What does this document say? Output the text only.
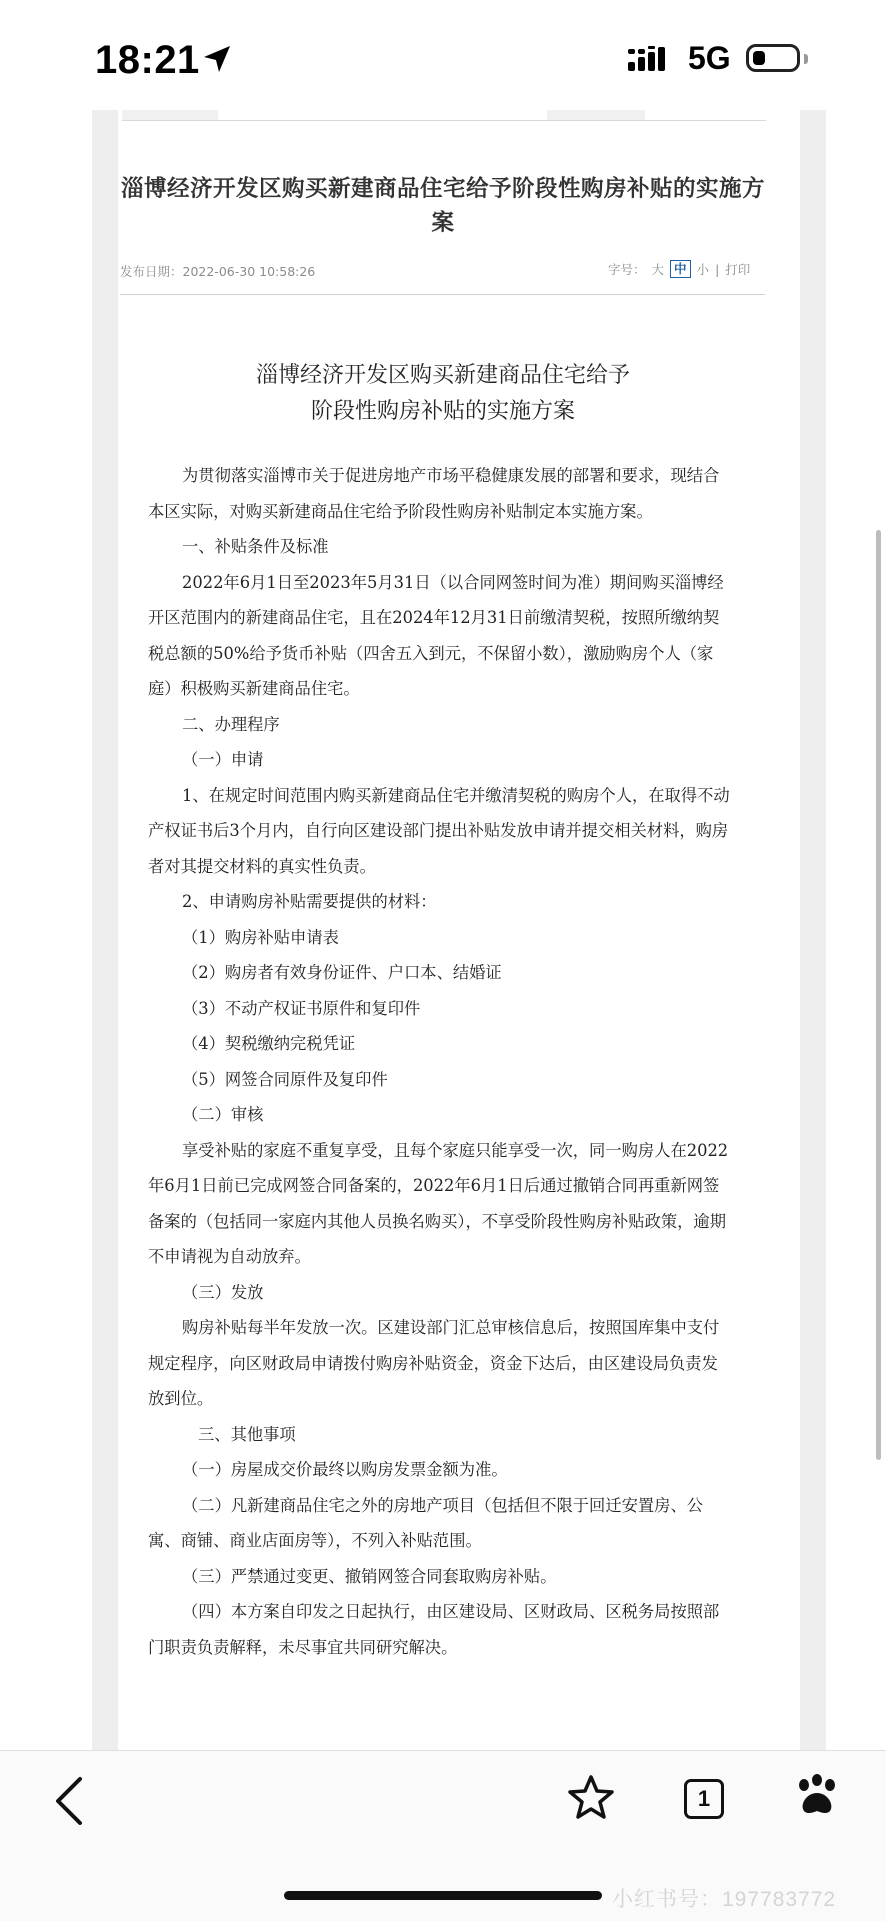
18:21	5G
淄博经济开发区购买新建商品住宅给予阶段性购房补贴的实施方案
发布日期：2022-06-30 10:58:26	字号： 大 中 小 | 打印
淄博经济开发区购买新建商品住宅给予
阶段性购房补贴的实施方案

为贯彻落实淄博市关于促进房地产市场平稳健康发展的部署和要求，现结合本区实际，对购买新建商品住宅给予阶段性购房补贴制定本实施方案。

一、补贴条件及标准

2022年6月1日至2023年5月31日（以合同网签时间为准）期间购买淄博经开区范围内的新建商品住宅，且在2024年12月31日前缴清契税，按照所缴纳契税总额的50%给予货币补贴（四舍五入到元，不保留小数），激励购房个人（家庭）积极购买新建商品住宅。

二、办理程序

（一）申请

1、在规定时间范围内购买新建商品住宅并缴清契税的购房个人，在取得不动产权证书后3个月内，自行向区建设部门提出补贴发放申请并提交相关材料，购房者对其提交材料的真实性负责。

2、申请购房补贴需要提供的材料：

（1）购房补贴申请表

（2）购房者有效身份证件、户口本、结婚证

（3）不动产权证书原件和复印件

（4）契税缴纳完税凭证

（5）网签合同原件及复印件

（二）审核

享受补贴的家庭不重复享受，且每个家庭只能享受一次，同一购房人在2022年6月1日前已完成网签合同备案的，2022年6月1日后通过撤销合同再重新网签备案的（包括同一家庭内其他人员换名购买），不享受阶段性购房补贴政策，逾期不申请视为自动放弃。

（三）发放

购房补贴每半年发放一次。区建设部门汇总审核信息后，按照国库集中支付规定程序，向区财政局申请拨付购房补贴资金，资金下达后，由区建设局负责发放到位。

三、其他事项

（一）房屋成交价最终以购房发票金额为准。

（二）凡新建商品住宅之外的房地产项目（包括但不限于回迁安置房、公寓、商铺、商业店面房等），不列入补贴范围。

（三）严禁通过变更、撤销网签合同套取购房补贴。

（四）本方案自印发之日起执行，由区建设局、区财政局、区税务局按照部门职责负责解释，未尽事宜共同研究解决。

1
小红书号：197783772
